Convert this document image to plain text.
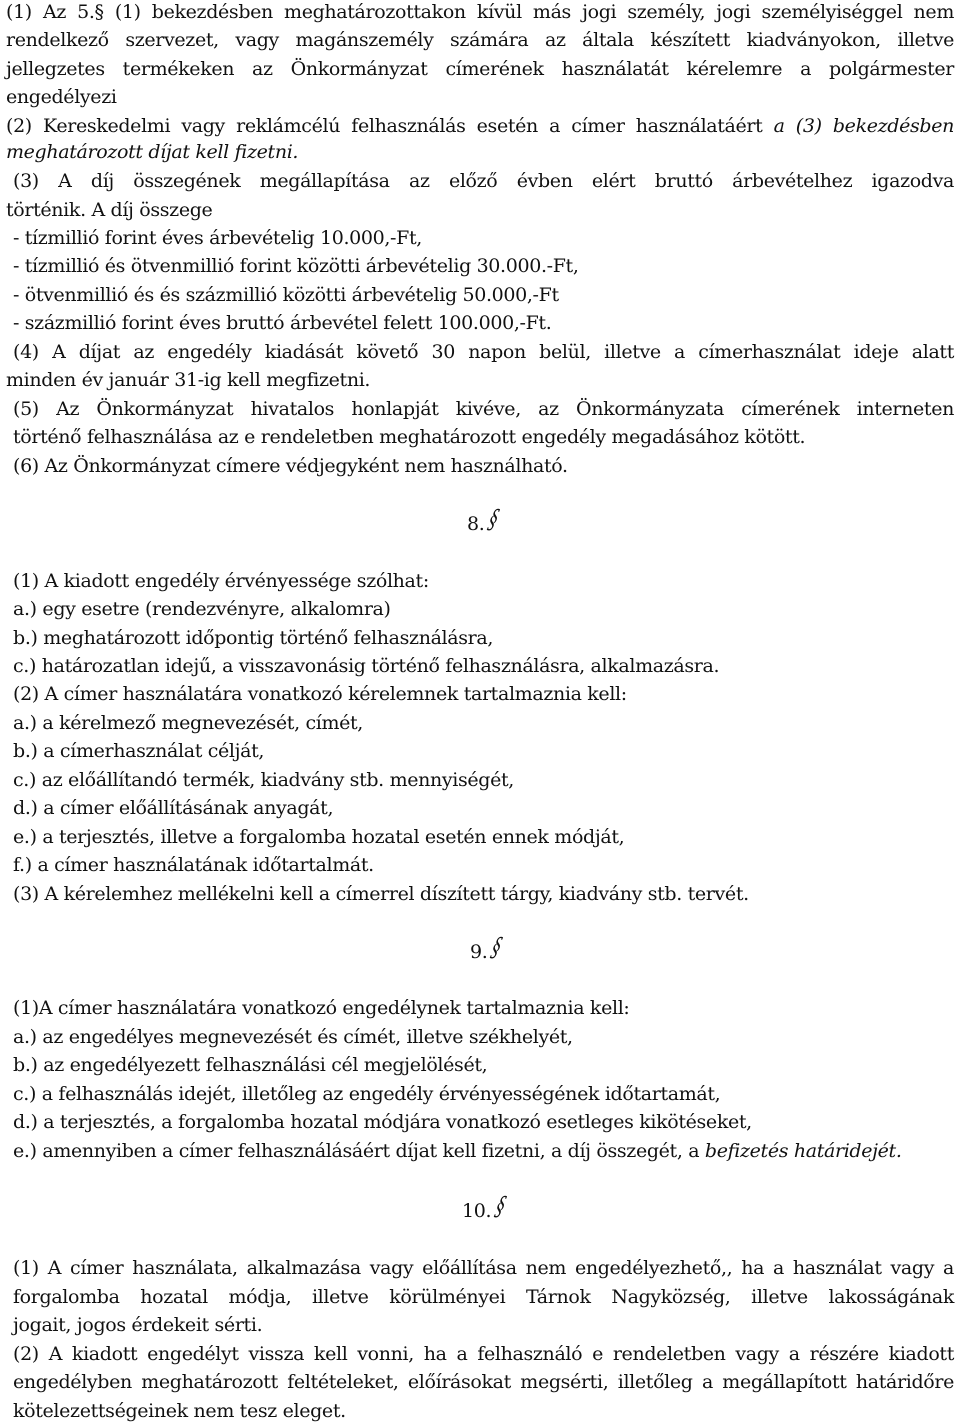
(1) Az 5.§ (1) bekezdésben meghatározottakon kívül más jogi személy, jogi személyiséggel nem
rendelkező szervezet, vagy magánszemély számára az általa készített kiadványokon, illetve
jellegzetes termékeken az Önkormányzat címerének használatát kérelemre a polgármester
engedélyezi
(2) Kereskedelmi vagy reklámcélú felhasználás esetén a címer használatáért a (3) bekezdésben
meghatározott díjat kell fizetni.
(3) A díj összegének megállapítása az előző évben elért bruttó árbevételhez igazodva
történik. A díj összege
- tízmillió forint éves árbevételig 10.000,-Ft,
- tízmillió és ötvenmillió forint közötti árbevételig 30.000.-Ft,
- ötvenmillió és és százmillió közötti árbevételig 50.000,-Ft
- százmillió forint éves bruttó árbevétel felett 100.000,-Ft.
(4) A díjat az engedély kiadását követő 30 napon belül, illetve a címerhasználat ideje alatt
minden év január 31-ig kell megfizetni.
(5) Az Önkormányzat hivatalos honlapját kivéve, az Önkormányzata címerének interneten
történő felhasználása az e rendeletben meghatározott engedély megadásához kötött.
(6) Az Önkormányzat címere védjegyként nem használható.
8. §
(1) A kiadott engedély érvényessége szólhat:
a.) egy esetre (rendezvényre, alkalomra)
b.) meghatározott időpontig történő felhasználásra,
c.) határozatlan idejű, a visszavonásig történő felhasználásra, alkalmazásra.
(2) A címer használatára vonatkozó kérelemnek tartalmaznia kell:
a.) a kérelmező megnevezését, címét,
b.) a címerhasználat célját,
c.) az előállítandó termék, kiadvány stb. mennyiségét,
d.) a címer előállításának anyagát,
e.) a terjesztés, illetve a forgalomba hozatal esetén ennek módját,
f.) a címer használatának időtartalmát.
(3) A kérelemhez mellékelni kell a címerrel díszített tárgy, kiadvány stb. tervét.
9. §
(1)A címer használatára vonatkozó engedélynek tartalmaznia kell:
a.) az engedélyes megnevezését és címét, illetve székhelyét,
b.) az engedélyezett felhasználási cél megjelölését,
c.) a felhasználás idejét, illetőleg az engedély érvényességének időtartamát,
d.) a terjesztés, a forgalomba hozatal módjára vonatkozó esetleges kikötéseket,
e.) amennyiben a címer felhasználásáért díjat kell fizetni, a díj összegét, a befizetés határidejét.
10. §
(1) A címer használata, alkalmazása vagy előállítása nem engedélyezhető,, ha a használat vagy a
forgalomba hozatal módja, illetve körülményei Tárnok Nagyközség, illetve lakosságának
jogait, jogos érdekeit sérti.
(2) A kiadott engedélyt vissza kell vonni, ha a felhasználó e rendeletben vagy a részére kiadott
engedélyben meghatározott feltételeket, előírásokat megsérti, illetőleg a megállapított határidőre
kötelezettségeinek nem tesz eleget.
